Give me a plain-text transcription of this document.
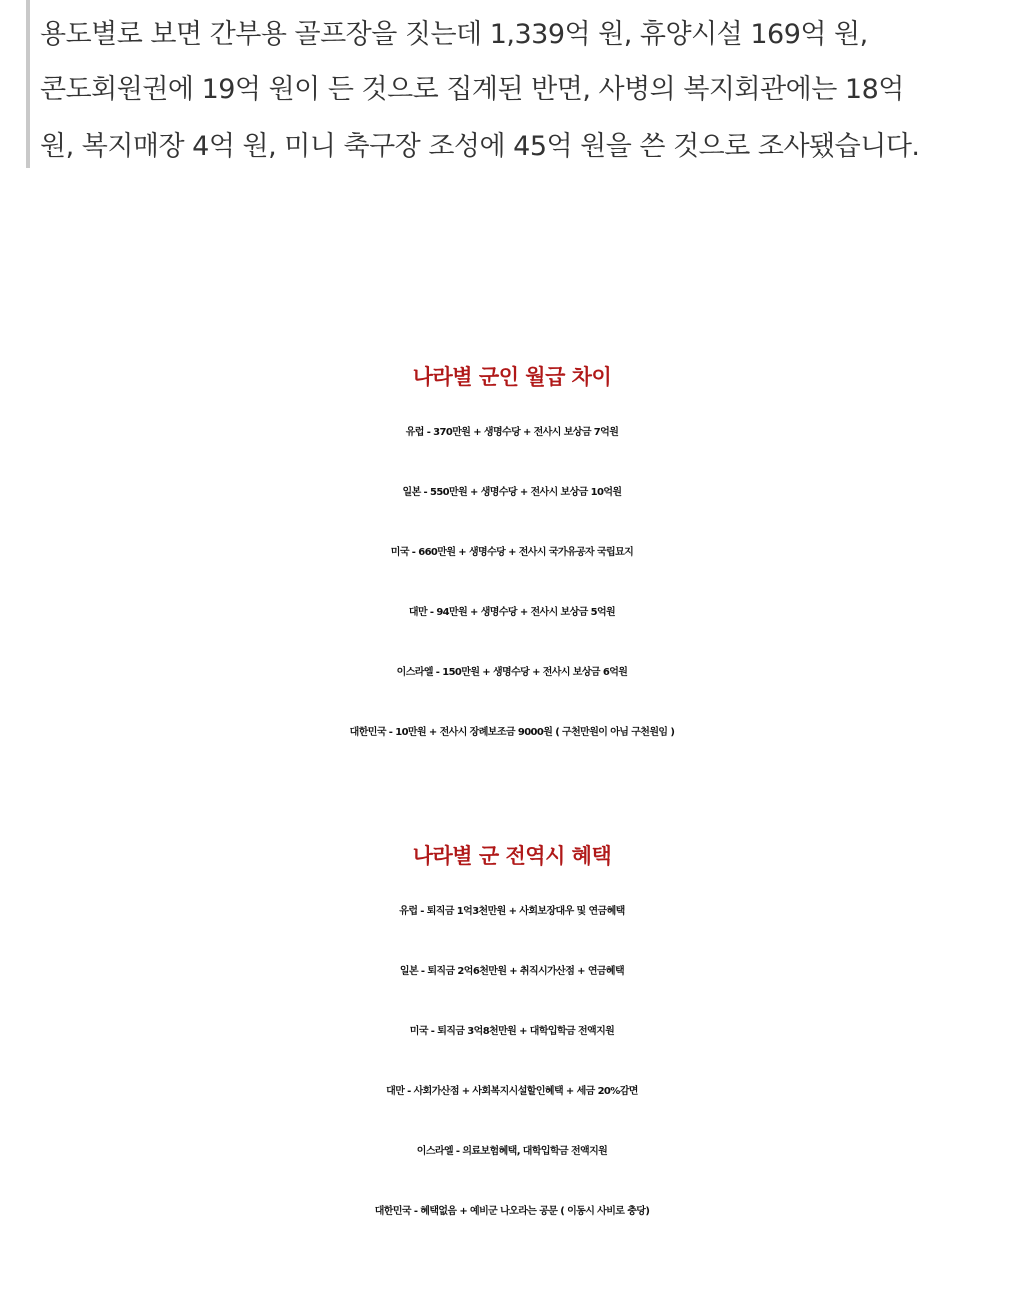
용도별로 보면 간부용 골프장을 짓는데 1,339억 원, 휴양시설 169억 원,
콘도회원권에 19억 원이 든 것으로 집계된 반면, 사병의 복지회관에는 18억
원, 복지매장 4억 원, 미니 축구장 조성에 45억 원을 쓴 것으로 조사됐습니다.
나라별 군인 월급 차이
유럽 - 370만원 + 생명수당 + 전사시 보상금 7억원
일본 - 550만원 + 생명수당 + 전사시 보상금 10억원
미국 - 660만원 + 생명수당 + 전사시 국가유공자 국립묘지
대만 - 94만원 + 생명수당 + 전사시 보상금 5억원
이스라엘 - 150만원 + 생명수당 + 전사시 보상금 6억원
대한민국 - 10만원 + 전사시 장례보조금 9000원 ( 구천만원이 아님 구천원임 )
나라별 군 전역시 혜택
유럽 - 퇴직금 1억3천만원 + 사회보장대우 및 연금혜택
일본 - 퇴직금 2억6천만원 + 취직시가산점 + 연금혜택
미국 - 퇴직금 3억8천만원 + 대학입학금 전액지원
대만 - 사회가산점 + 사회복지시설할인혜택 + 세금 20%감면
이스라엘 - 의료보험혜택, 대학입학금 전액지원
대한민국 - 혜택없음 + 예비군 나오라는 공문 ( 이동시 사비로 충당)
